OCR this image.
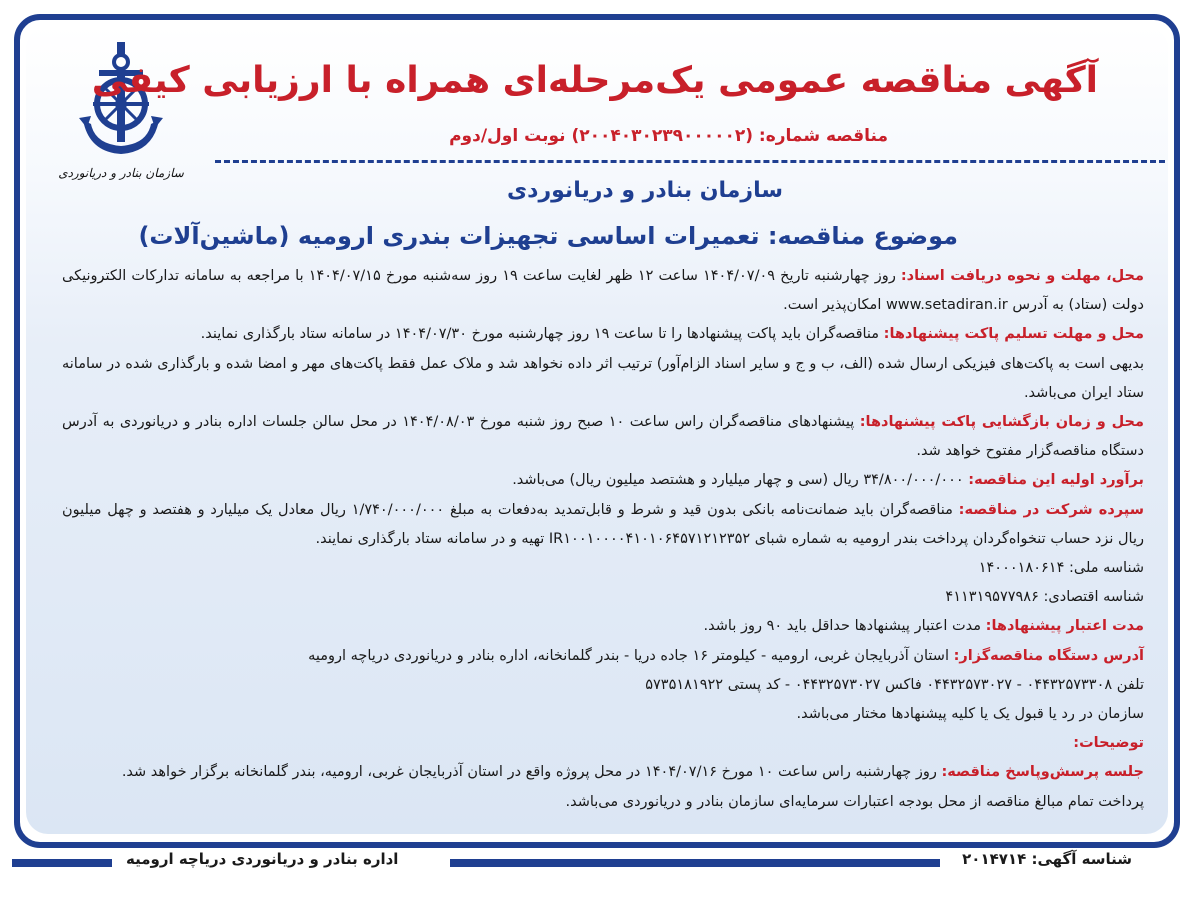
سازمان بنادر و دریانوردی
آگهی مناقصه عمومی یک‌مرحله‌ای همراه با ارزیابی کیفی
مناقصه شماره: (۲۰۰۴۰۳۰۲۳۹۰۰۰۰۰۲) نوبت اول/دوم
سازمان بنادر و دریانوردی
موضوع مناقصه: تعمیرات اساسی تجهیزات بندری ارومیه (ماشین‌آلات)

محل، مهلت و نحوه دریافت اسناد: روز چهارشنبه تاریخ ۱۴۰۴/۰۷/۰۹ ساعت ۱۲ ظهر لغایت ساعت ۱۹ روز سه‌شنبه مورخ ۱۴۰۴/۰۷/۱۵ با مراجعه به سامانه تدارکات الکترونیکی دولت (ستاد) به آدرس www.setadiran.ir امکان‌پذیر است.

محل و مهلت تسلیم پاکت پیشنهادها: مناقصه‌گران باید پاکت پیشنهادها را تا ساعت ۱۹ روز چهارشنبه مورخ ۱۴۰۴/۰۷/۳۰ در سامانه ستاد بارگذاری نمایند.

بدیهی است به پاکت‌های فیزیکی ارسال شده (الف، ب و ج و سایر اسناد الزام‌آور) ترتیب اثر داده نخواهد شد و ملاک عمل فقط پاکت‌های مهر و امضا شده و بارگذاری شده در سامانه ستاد ایران می‌باشد.

محل و زمان بازگشایی پاکت پیشنهادها: پیشنهادهای مناقصه‌گران راس ساعت ۱۰ صبح روز شنبه مورخ ۱۴۰۴/۰۸/۰۳ در محل سالن جلسات اداره بنادر و دریانوردی به آدرس دستگاه مناقصه‌گزار مفتوح خواهد شد.

برآورد اولیه این مناقصه: ۳۴/۸۰۰/۰۰۰/۰۰۰ ریال (سی و چهار میلیارد و هشتصد میلیون ریال) می‌باشد.

سپرده شرکت در مناقصه: مناقصه‌گران باید ضمانت‌نامه بانکی بدون قید و شرط و قابل‌تمدید به‌دفعات به مبلغ ۱/۷۴۰/۰۰۰/۰۰۰ ریال معادل یک میلیارد و هفتصد و چهل میلیون ریال نزد حساب تنخواه‌گردان پرداخت بندر ارومیه به شماره شبای IR۱۰۰۱۰۰۰۰۴۱۰۱۰۶۴۵۷۱۲۱۲۳۵۲ تهیه و در سامانه ستاد بارگذاری نمایند.

شناسه ملی: ۱۴۰۰۰۱۸۰۶۱۴

شناسه اقتصادی: ۴۱۱۳۱۹۵۷۷۹۸۶

مدت اعتبار پیشنهادها: مدت اعتبار پیشنهادها حداقل باید ۹۰ روز باشد.

آدرس دستگاه مناقصه‌گزار: استان آذربایجان غربی، ارومیه - کیلومتر ۱۶ جاده دریا - بندر گلمانخانه، اداره بنادر و دریانوردی دریاچه ارومیه

تلفن ۰۴۴۳۲۵۷۳۳۰۸ - ۰۴۴۳۲۵۷۳۰۲۷ فاکس ۰۴۴۳۲۵۷۳۰۲۷ - کد پستی ۵۷۳۵۱۸۱۹۲۲

سازمان در رد یا قبول یک یا کلیه پیشنهادها مختار می‌باشد.

توضیحات:

جلسه پرسش‌وپاسخ مناقصه: روز چهارشنبه راس ساعت ۱۰ مورخ ۱۴۰۴/۰۷/۱۶ در محل پروژه واقع در استان آذربایجان غربی، ارومیه، بندر گلمانخانه برگزار خواهد شد.

پرداخت تمام مبالغ مناقصه از محل بودجه اعتبارات سرمایه‌ای سازمان بنادر و دریانوردی می‌باشد.

شناسه آگهی: ۲۰۱۴۷۱۴
اداره بنادر و دریانوردی دریاچه ارومیه
